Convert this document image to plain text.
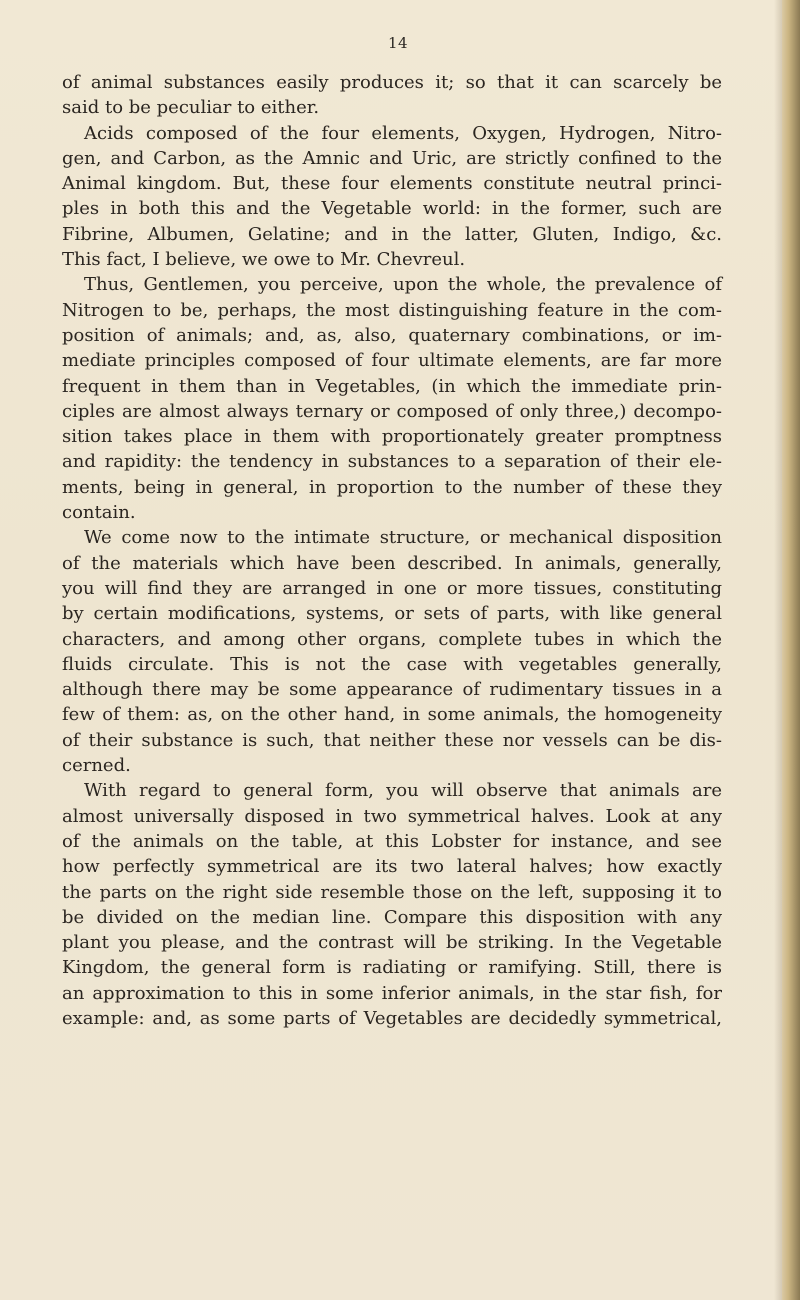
14
of animal substances easily produces it; so that it can scarcely be
said to be peculiar to either.
Acids composed of the four elements, Oxygen, Hydrogen, Nitro-
gen, and Carbon, as the Amnic and Uric, are strictly confined to the
Animal kingdom. But, these four elements constitute neutral princi-
ples in both this and the Vegetable world: in the former, such are
Fibrine, Albumen, Gelatine; and in the latter, Gluten, Indigo, &c.
This fact, I believe, we owe to Mr. Chevreul.
Thus, Gentlemen, you perceive, upon the whole, the prevalence of
Nitrogen to be, perhaps, the most distinguishing feature in the com-
position of animals; and, as, also, quaternary combinations, or im-
mediate principles composed of four ultimate elements, are far more
frequent in them than in Vegetables, (in which the immediate prin-
ciples are almost always ternary or composed of only three,) decompo-
sition takes place in them with proportionately greater promptness
and rapidity: the tendency in substances to a separation of their ele-
ments, being in general, in proportion to the number of these they
contain.
We come now to the intimate structure, or mechanical disposition
of the materials which have been described. In animals, generally,
you will find they are arranged in one or more tissues, constituting
by certain modifications, systems, or sets of parts, with like general
characters, and among other organs, complete tubes in which the
fluids circulate. This is not the case with vegetables generally,
although there may be some appearance of rudimentary tissues in a
few of them: as, on the other hand, in some animals, the homogeneity
of their substance is such, that neither these nor vessels can be dis-
cerned.
With regard to general form, you will observe that animals are
almost universally disposed in two symmetrical halves. Look at any
of the animals on the table, at this Lobster for instance, and see
how perfectly symmetrical are its two lateral halves; how exactly
the parts on the right side resemble those on the left, supposing it to
be divided on the median line. Compare this disposition with any
plant you please, and the contrast will be striking. In the Vegetable
Kingdom, the general form is radiating or ramifying. Still, there is
an approximation to this in some inferior animals, in the star fish, for
example: and, as some parts of Vegetables are decidedly symmetrical,
